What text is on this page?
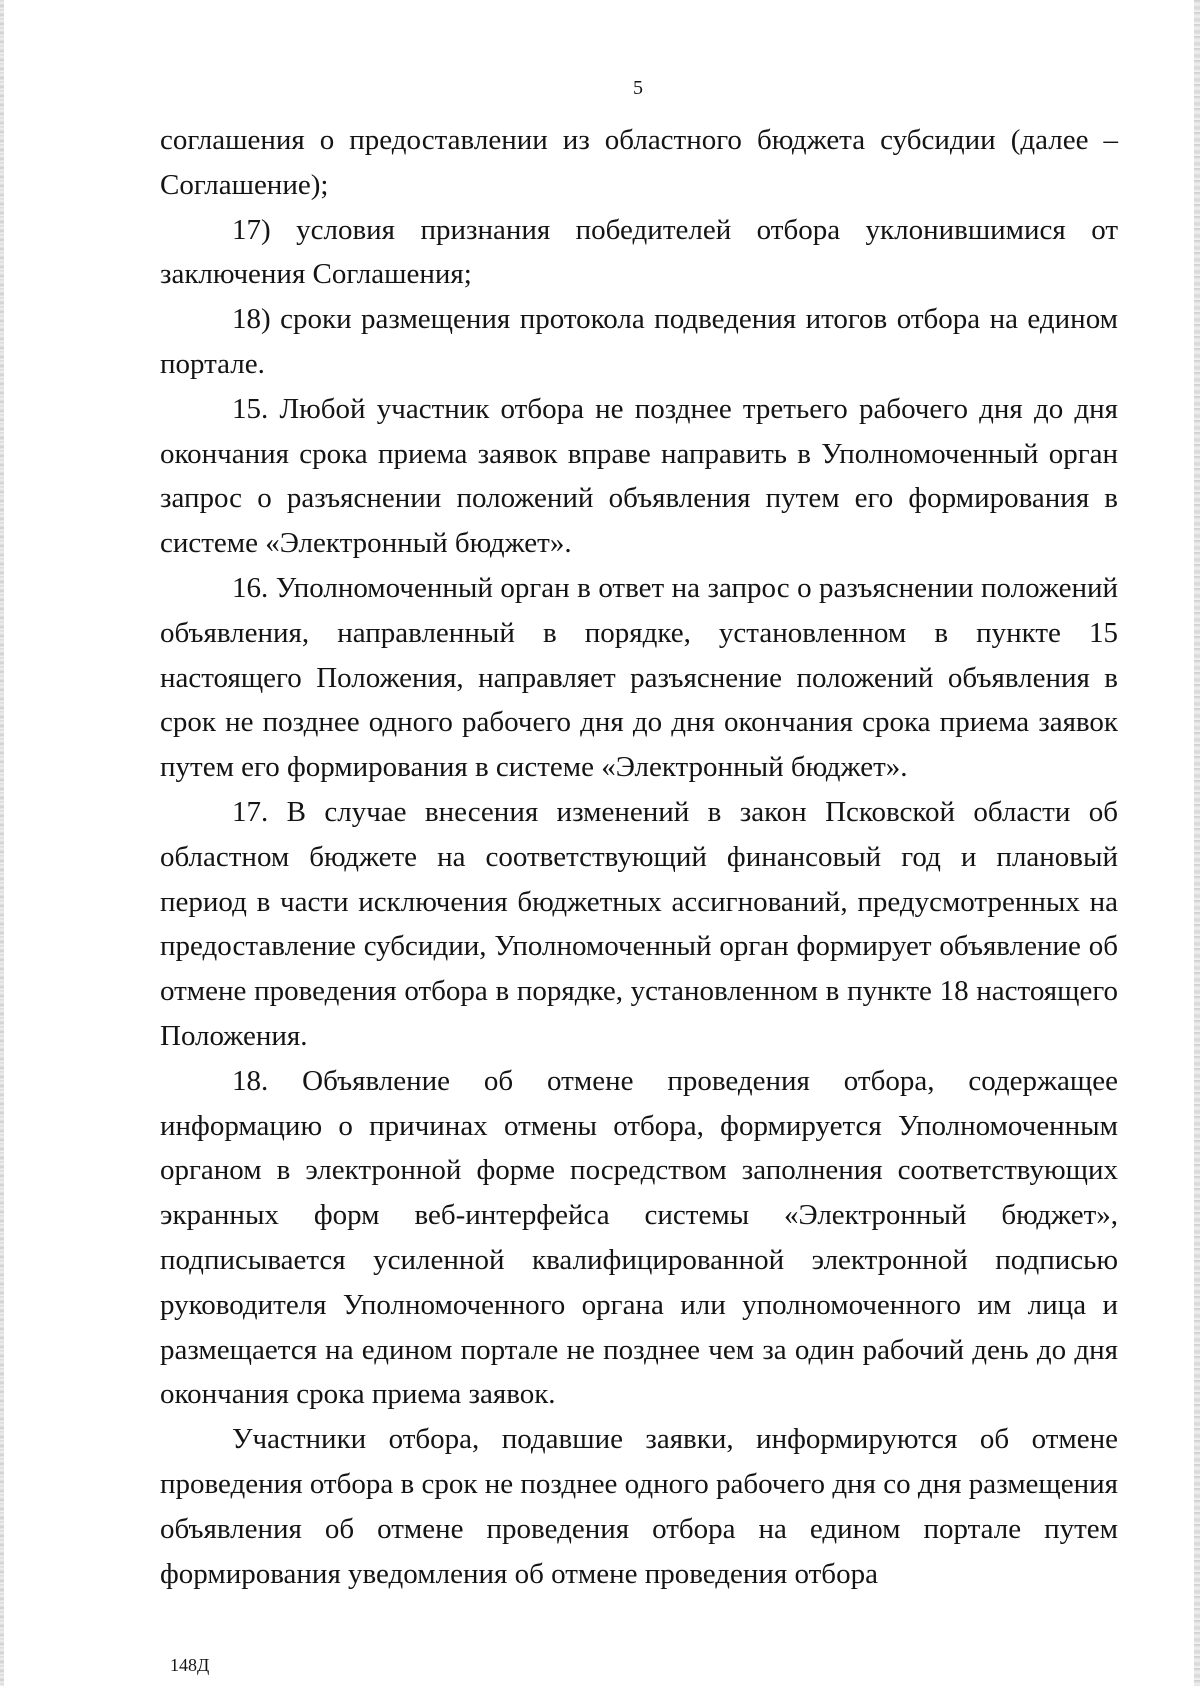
5

соглашения о предоставлении из областного бюджета субсидии (далее – Соглашение);

17) условия признания победителей отбора уклонившимися от заключения Соглашения;

18) сроки размещения протокола подведения итогов отбора на едином портале.

15. Любой участник отбора не позднее третьего рабочего дня до дня окончания срока приема заявок вправе направить в Уполномоченный орган запрос о разъяснении положений объявления путем его формирования в системе «Электронный бюджет».

16. Уполномоченный орган в ответ на запрос о разъяснении положений объявления, направленный в порядке, установленном в пункте 15 настоящего Положения, направляет разъяснение положений объявления в срок не позднее одного рабочего дня до дня окончания срока приема заявок путем его формирования в системе «Электронный бюджет».

17. В случае внесения изменений в закон Псковской области об областном бюджете на соответствующий финансовый год и плановый период в части исключения бюджетных ассигнований, предусмотренных на предоставление субсидии, Уполномоченный орган формирует объявление об отмене проведения отбора в порядке, установленном в пункте 18 настоящего Положения.

18. Объявление об отмене проведения отбора, содержащее информацию о причинах отмены отбора, формируется Уполномоченным органом в электронной форме посредством заполнения соответствующих экранных форм веб-интерфейса системы «Электронный бюджет», подписывается усиленной квалифицированной электронной подписью руководителя Уполномоченного органа или уполномоченного им лица и размещается на едином портале не позднее чем за один рабочий день до дня окончания срока приема заявок.

Участники отбора, подавшие заявки, информируются об отмене проведения отбора в срок не позднее одного рабочего дня со дня размещения объявления об отмене проведения отбора на едином портале путем формирования уведомления об отмене проведения отбора

148Д
